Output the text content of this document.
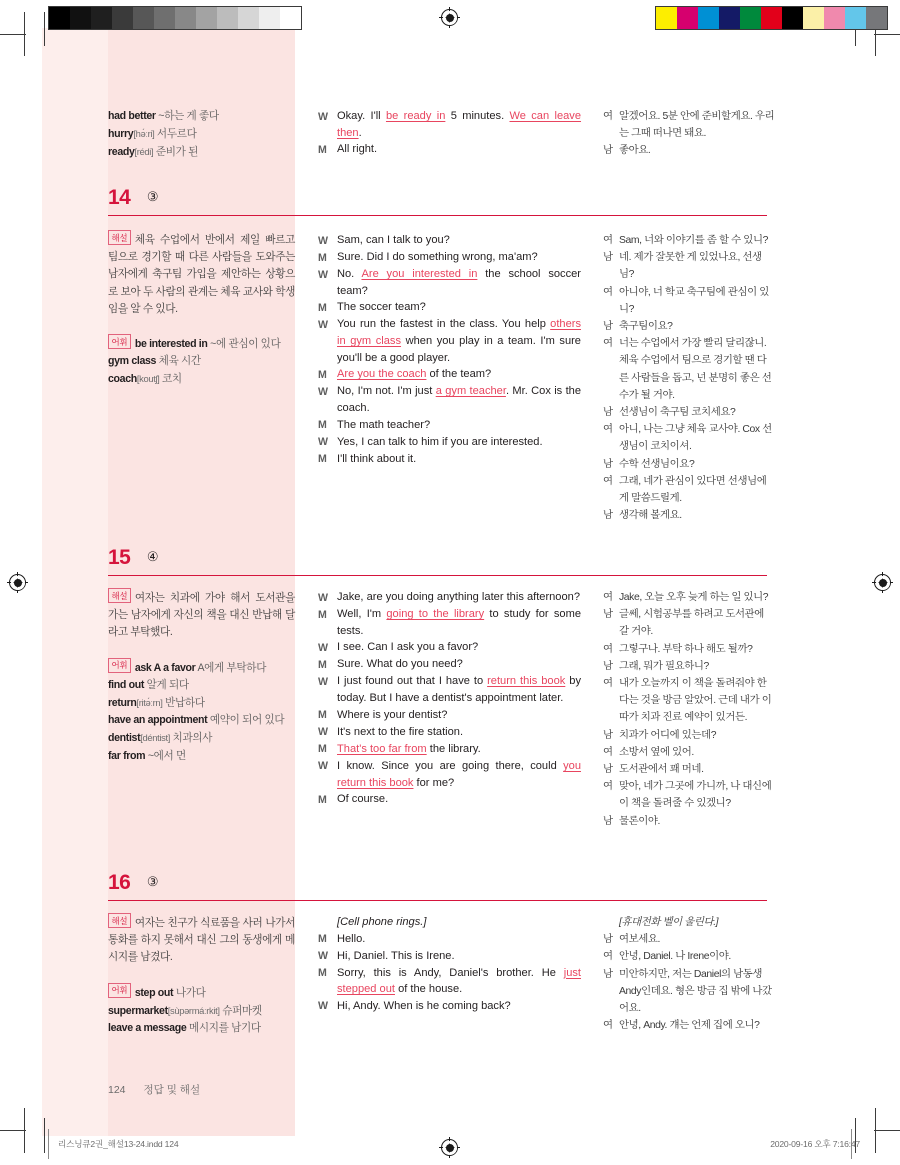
had better ~하는 게 좋다
hurry[hə́ːri] 서두르다
ready[rédi] 준비가 된
W Okay. I'll be ready in 5 minutes. We can leave then.
M All right.
여 알겠어요. 5분 안에 준비할게요. 우리는 그때 떠나면 돼요.
남 좋아요.
14 ③
해설 체육 수업에서 반에서 제일 빠르고 팀으로 경기할 때 다른 사람들을 도와주는 남자에게 축구팀 가입을 제안하는 상황으로 보아 두 사람의 관계는 체육 교사와 학생임을 알 수 있다.
어휘 be interested in ~에 관심이 있다
gym class 체육 시간
coach[koutʃ] 코치
W Sam, can I talk to you?
M Sure. Did I do something wrong, ma'am?
W No. Are you interested in the school soccer team?
M The soccer team?
W You run the fastest in the class. You help others in gym class when you play in a team. I'm sure you'll be a good player.
M Are you the coach of the team?
W No, I'm not. I'm just a gym teacher. Mr. Cox is the coach.
M The math teacher?
W Yes, I can talk to him if you are interested.
M I'll think about it.
여 Sam, 너와 이야기를 좀 할 수 있니?
남 네. 제가 잘못한 게 있었나요, 선생님?
여 아니야, 너 학교 축구팀에 관심이 있니?
남 축구팀이요?
여 너는 수업에서 가장 빨리 달리잖니. 체육 수업에서 팀으로 경기할 땐 다른 사람들을 돕고, 넌 분명히 좋은 선수가 될 거야.
남 선생님이 축구팀 코치세요?
여 아니, 나는 그냥 체육 교사야. Cox 선생님이 코치이셔.
남 수학 선생님이요?
여 그래, 네가 관심이 있다면 선생님에게 말씀드릴게.
남 생각해 볼게요.
15 ④
해설 여자는 치과에 가야 해서 도서관을 가는 남자에게 자신의 책을 대신 반납해 달라고 부탁했다.
어휘 ask A a favor A에게 부탁하다
find out 알게 되다
return[ritə́ːrn] 반납하다
have an appointment 예약이 되어 있다
dentist[déntist] 치과의사
far from ~에서 먼
W Jake, are you doing anything later this afternoon?
M Well, I'm going to the library to study for some tests.
W I see. Can I ask you a favor?
M Sure. What do you need?
W I just found out that I have to return this book by today. But I have a dentist's appointment later.
M Where is your dentist?
W It's next to the fire station.
M That's too far from the library.
W I know. Since you are going there, could you return this book for me?
M Of course.
여 Jake, 오늘 오후 늦게 하는 일 있니?
남 글쎄, 시험공부를 하려고 도서관에 갈 거야.
여 그렇구나. 부탁 하나 해도 될까?
남 그래, 뭐가 필요하니?
여 내가 오늘까지 이 책을 돌려줘야 한다는 것을 방금 알았어. 근데 내가 이따가 치과 진료 예약이 있거든.
남 치과가 어디에 있는데?
여 소방서 옆에 있어.
남 도서관에서 꽤 머네.
여 맞아, 네가 그곳에 가니까, 나 대신에 이 책을 돌려줄 수 있겠니?
남 물론이야.
16 ③
해설 여자는 친구가 식료품을 사러 나가서 통화를 하지 못해서 대신 그의 동생에게 메시지를 남겼다.
어휘 step out 나가다
supermarket[sùpərmáːrkit] 슈퍼마켓
leave a message 메시지를 남기다
[Cell phone rings.]
M Hello.
W Hi, Daniel. This is Irene.
M Sorry, this is Andy, Daniel's brother. He just stepped out of the house.
W Hi, Andy. When is he coming back?
[휴대전화 벨이 울린다.]
남 여보세요.
여 안녕, Daniel. 나 Irene이야.
남 미안하지만, 저는 Daniel의 남동생 Andy인데요. 형은 방금 집 밖에 나갔어요.
여 안녕, Andy. 걔는 언제 집에 오니?
124 정답 및 해설
리스닝큐2권_해설13-24.indd 124	2020-09-16 오후 7:16:47
